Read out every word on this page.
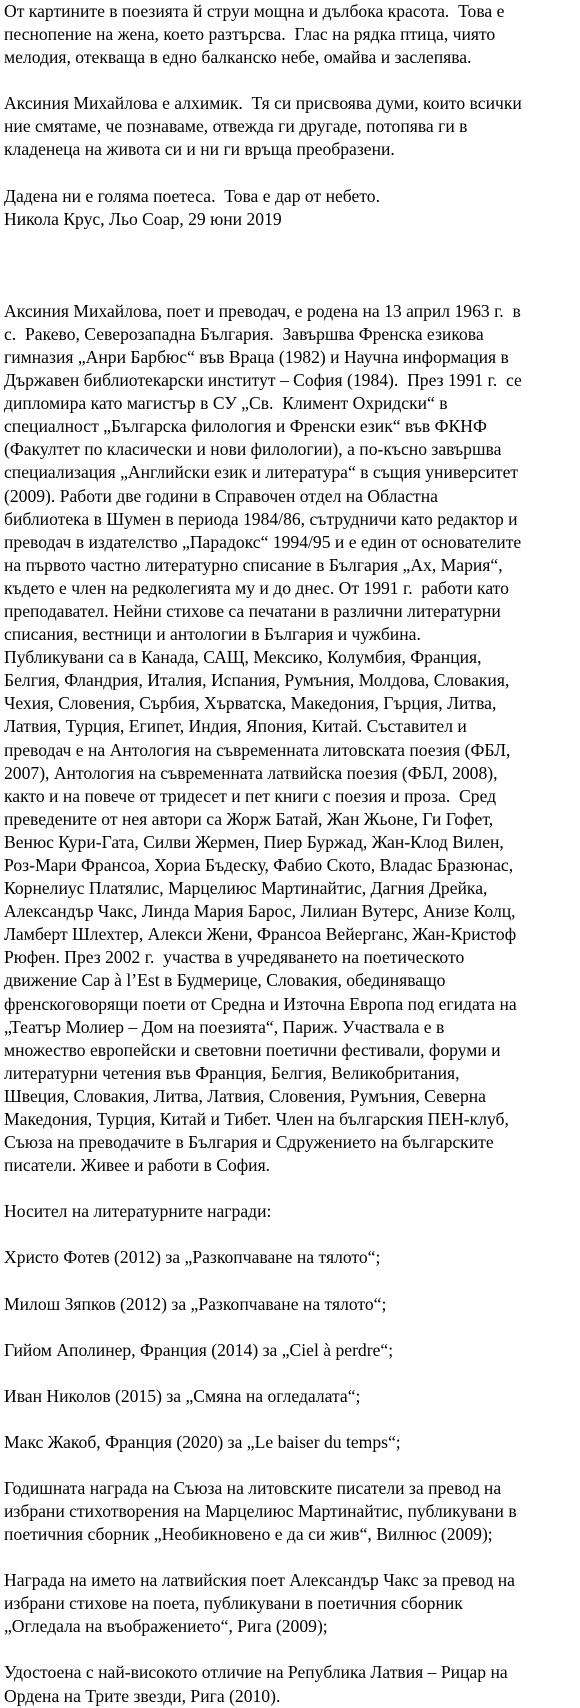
От картините в поезията й струи мощна и дълбока красота.  Това е
песнопение на жена, което разтърсва.  Глас на рядка птица, чиято
мелодия, отекваща в едно балканско небе, омайва и заслепява.
Аксиния Михайлова е алхимик.  Тя си присвоява думи, които всички
ние смятаме, че познаваме, отвежда ги другаде, потопява ги в
кладенеца на живота си и ни ги връща преобразени.
Дадена ни е голяма поетеса.  Това е дар от небето.
Никола Крус, Льо Соар, 29 юни 2019
Аксиния Михайлова, поет и преводач, е родена на 13 април 1963 г.  в
с.  Ракево, Северозападна България.  Завършва Френска езикова
гимназия „Анри Барбюс“ във Враца (1982) и Научна информация в
Държавен библиотекарски институт – София (1984).  През 1991 г.  се
дипломира като магистър в СУ „Св.  Климент Охридски“ в
специалност „Българска филология и Френски език“ във ФКНФ
(Факултет по класически и нови филологии), а по-късно завършва
специализация „Английски език и литература“ в същия университет
(2009). Работи две години в Справочен отдел на Областна
библиотека в Шумен в периода 1984/86, сътрудничи като редактор и
преводач в издателство „Парадокс“ 1994/95 и е един от основателите
на първото частно литературно списание в България „Ах, Мария“,
където е член на редколегията му и до днес. От 1991 г.  работи като
преподавател. Нейни стихове са печатани в различни литературни
списания, вестници и антологии в България и чужбина.
Публикувани са в Канада, САЩ, Мексико, Колумбия, Франция,
Белгия, Фландрия, Италия, Испания, Румъния, Молдова, Словакия,
Чехия, Словения, Сърбия, Хърватска, Македония, Гърция, Литва,
Латвия, Турция, Египет, Индия, Япония, Китай. Съставител и
преводач е на Антология на съвременната литовската поезия (ФБЛ,
2007), Антология на съвременната латвийска поезия (ФБЛ, 2008),
както и на повече от тридесет и пет книги с поезия и проза.  Сред
преведените от нея автори са Жорж Батай, Жан Жьоне, Ги Гофет,
Венюс Кури-Гата, Силви Жермен, Пиер Буржад, Жан-Клод Вилен,
Роз-Мари Франсоа, Хориа Бъдеску, Фабио Ското, Владас Бразюнас,
Корнелиус Платялис, Марцелиюс Мартинайтис, Дагния Дрейка,
Александър Чакс, Линда Мария Барос, Лилиан Вутерс, Анизе Колц,
Ламберт Шлехтер, Алекси Жени, Франсоа Вейерганс, Жан-Кристоф
Рюфен. През 2002 г.  участва в учредяването на поетическото
движение Cap à l’Est в Будмерице, Словакия, обединяващо
френскоговорящи поети от Средна и Източна Европа под егидата на
„Театър Молиер – Дом на поезията“, Париж. Участвала е в
множество европейски и световни поетични фестивали, форуми и
литературни четения във Франция, Белгия, Великобритания,
Швеция, Словакия, Литва, Латвия, Словения, Румъния, Северна
Македония, Турция, Китай и Тибет. Член на българския ПЕН-клуб,
Съюза на преводачите в България и Сдружението на българските
писатели. Живее и работи в София.
Носител на литературните награди:
Христо Фотев (2012) за „Разкопчаване на тялото“;
Милош Зяпков (2012) за „Разкопчаване на тялото“;
Гийом Аполинер, Франция (2014) за „Ciel à perdre“;
Иван Николов (2015) за „Смяна на огледалата“;
Макс Жакоб, Франция (2020) за „Le baiser du temps“;
Годишната награда на Съюза на литовските писатели за превод на
избрани стихотворения на Марцелиюс Мартинайтис, публикувани в
поетичния сборник „Необикновено е да си жив“, Вилнюс (2009);
Награда на името на латвийския поет Александър Чакс за превод на
избрани стихове на поета, публикувани в поетичния сборник
„Огледала на въображението“, Рига (2009);
Удостоена с най-високото отличие на Република Латвия – Рицар на
Ордена на Трите звезди, Рига (2010).
